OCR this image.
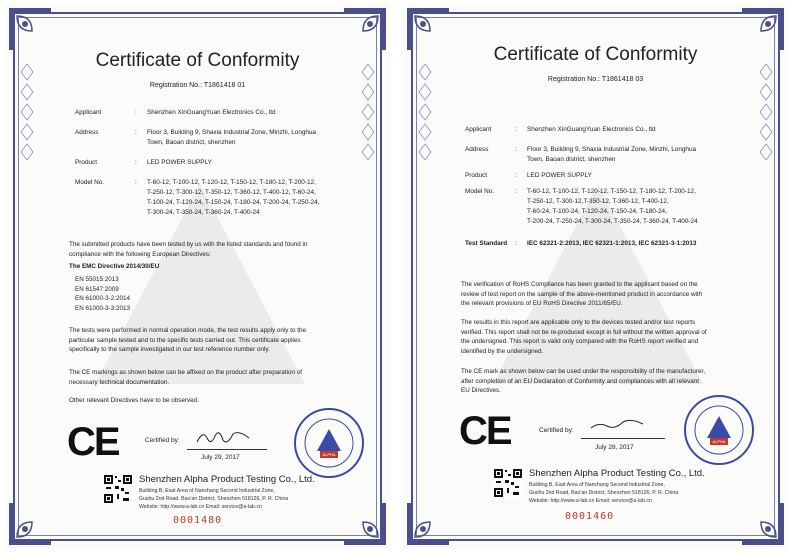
Certificate of Conformity
Registration No.: T1861418 01
Applicant	: Shenzhen XinGuangYuan Electronics Co., ltd
Address	: Floor 3, Building 9, Shaxia Industrial Zone, Minzhi, Longhua
Town, Baoan district, shenzhen
Product	: LED POWER SUPPLY
Model No.	: T-60-12, T-100-12, T-120-12, T-150-12, T-180-12, T-200-12,
T-250-12, T-300-12, T-350-12, T-360-12, T-400-12, T-60-24,
T-100-24, T-120-24, T-150-24, T-180-24, T-200-24, T-250-24,
T-300-24, T-350-24, T-360-24, T-400-24
The submitted products have been tested by us with the listed standards and found in
compliance with the following European Directives:
The EMC Directive 2014/30/EU
EN 55015:2013
EN 61547:2009
EN 61000-3-2:2014
EN 61000-3-3:2013
The tests were performed in normal operation mode, the test results apply only to the
particular sample tested and to the specific tests carried out. This certificate applies
specifically to the sample investigated in our test reference number only.
The CE markings as shown below can be affixed on the product after preparation of
necessary technical documentation.
Other relevant Directives have to be observed.
CE	Certified by:
July 29, 2017	ALPHA
Shenzhen Alpha Product Testing Co., Ltd.
Building B, East Area of Nanchang Second Industrial Zone,
Gushu 2nd Road, Bao'an District, Shenzhen 518126, P. R. China
Website: http://www.a-lab.cn Email: service@a-lab.cn
0001480
Certificate of Conformity
Registration No.: T1861418 03
Applicant	: Shenzhen XinGuangYuan Electronics Co., ltd
Address	: Floor 3, Building 9, Shaxia Industrial Zone, Minzhi, Longhua
Town, Baoan district, shenzhen
Product	: LED POWER SUPPLY
Model No.	: T-60-12, T-100-12, T-120-12, T-150-12, T-180-12, T-200-12,
T-250-12, T-300-12,T-350-12, T-360-12, T-400-12,
T-60-24, T-100-24, T-120-24, T-150-24, T-180-24,
T-200-24, T-250-24, T-300-24, T-350-24, T-360-24, T-400-24
Test Standard : IEC 62321-2:2013, IEC 62321-1:2013, IEC 62321-3-1:2013
The verification of RoHS Compliance has been granted to the applicant based on the
review of test report on the sample of the above-mentioned product in accordance with
the relevant provisions of EU RoHS Directive 2011/65/EU.
The results in this report are applicable only to the devices tested and/or test reports
verified. This report shall not be re-produced except in full without the written approval of
the undersigned. This report is valid only compared with the RoHS report verified and
identified by the undersigned.
The CE mark as shown below can be used under the responsibility of the manufacturer,
after completion of an EU Declaration of Conformity and compliances with all relevant
EU Directives.
CE	Certified by:
July 28, 2017
ALPHA
Shenzhen Alpha Product Testing Co., Ltd.
Building B, East Area of Nanchang Second Industrial Zone,
Gushu 2nd Road, Bao'an District, Shenzhen 518126, P. R. China
Website: http://www.a-lab.cn Email: service@a-lab.cn
0001460
